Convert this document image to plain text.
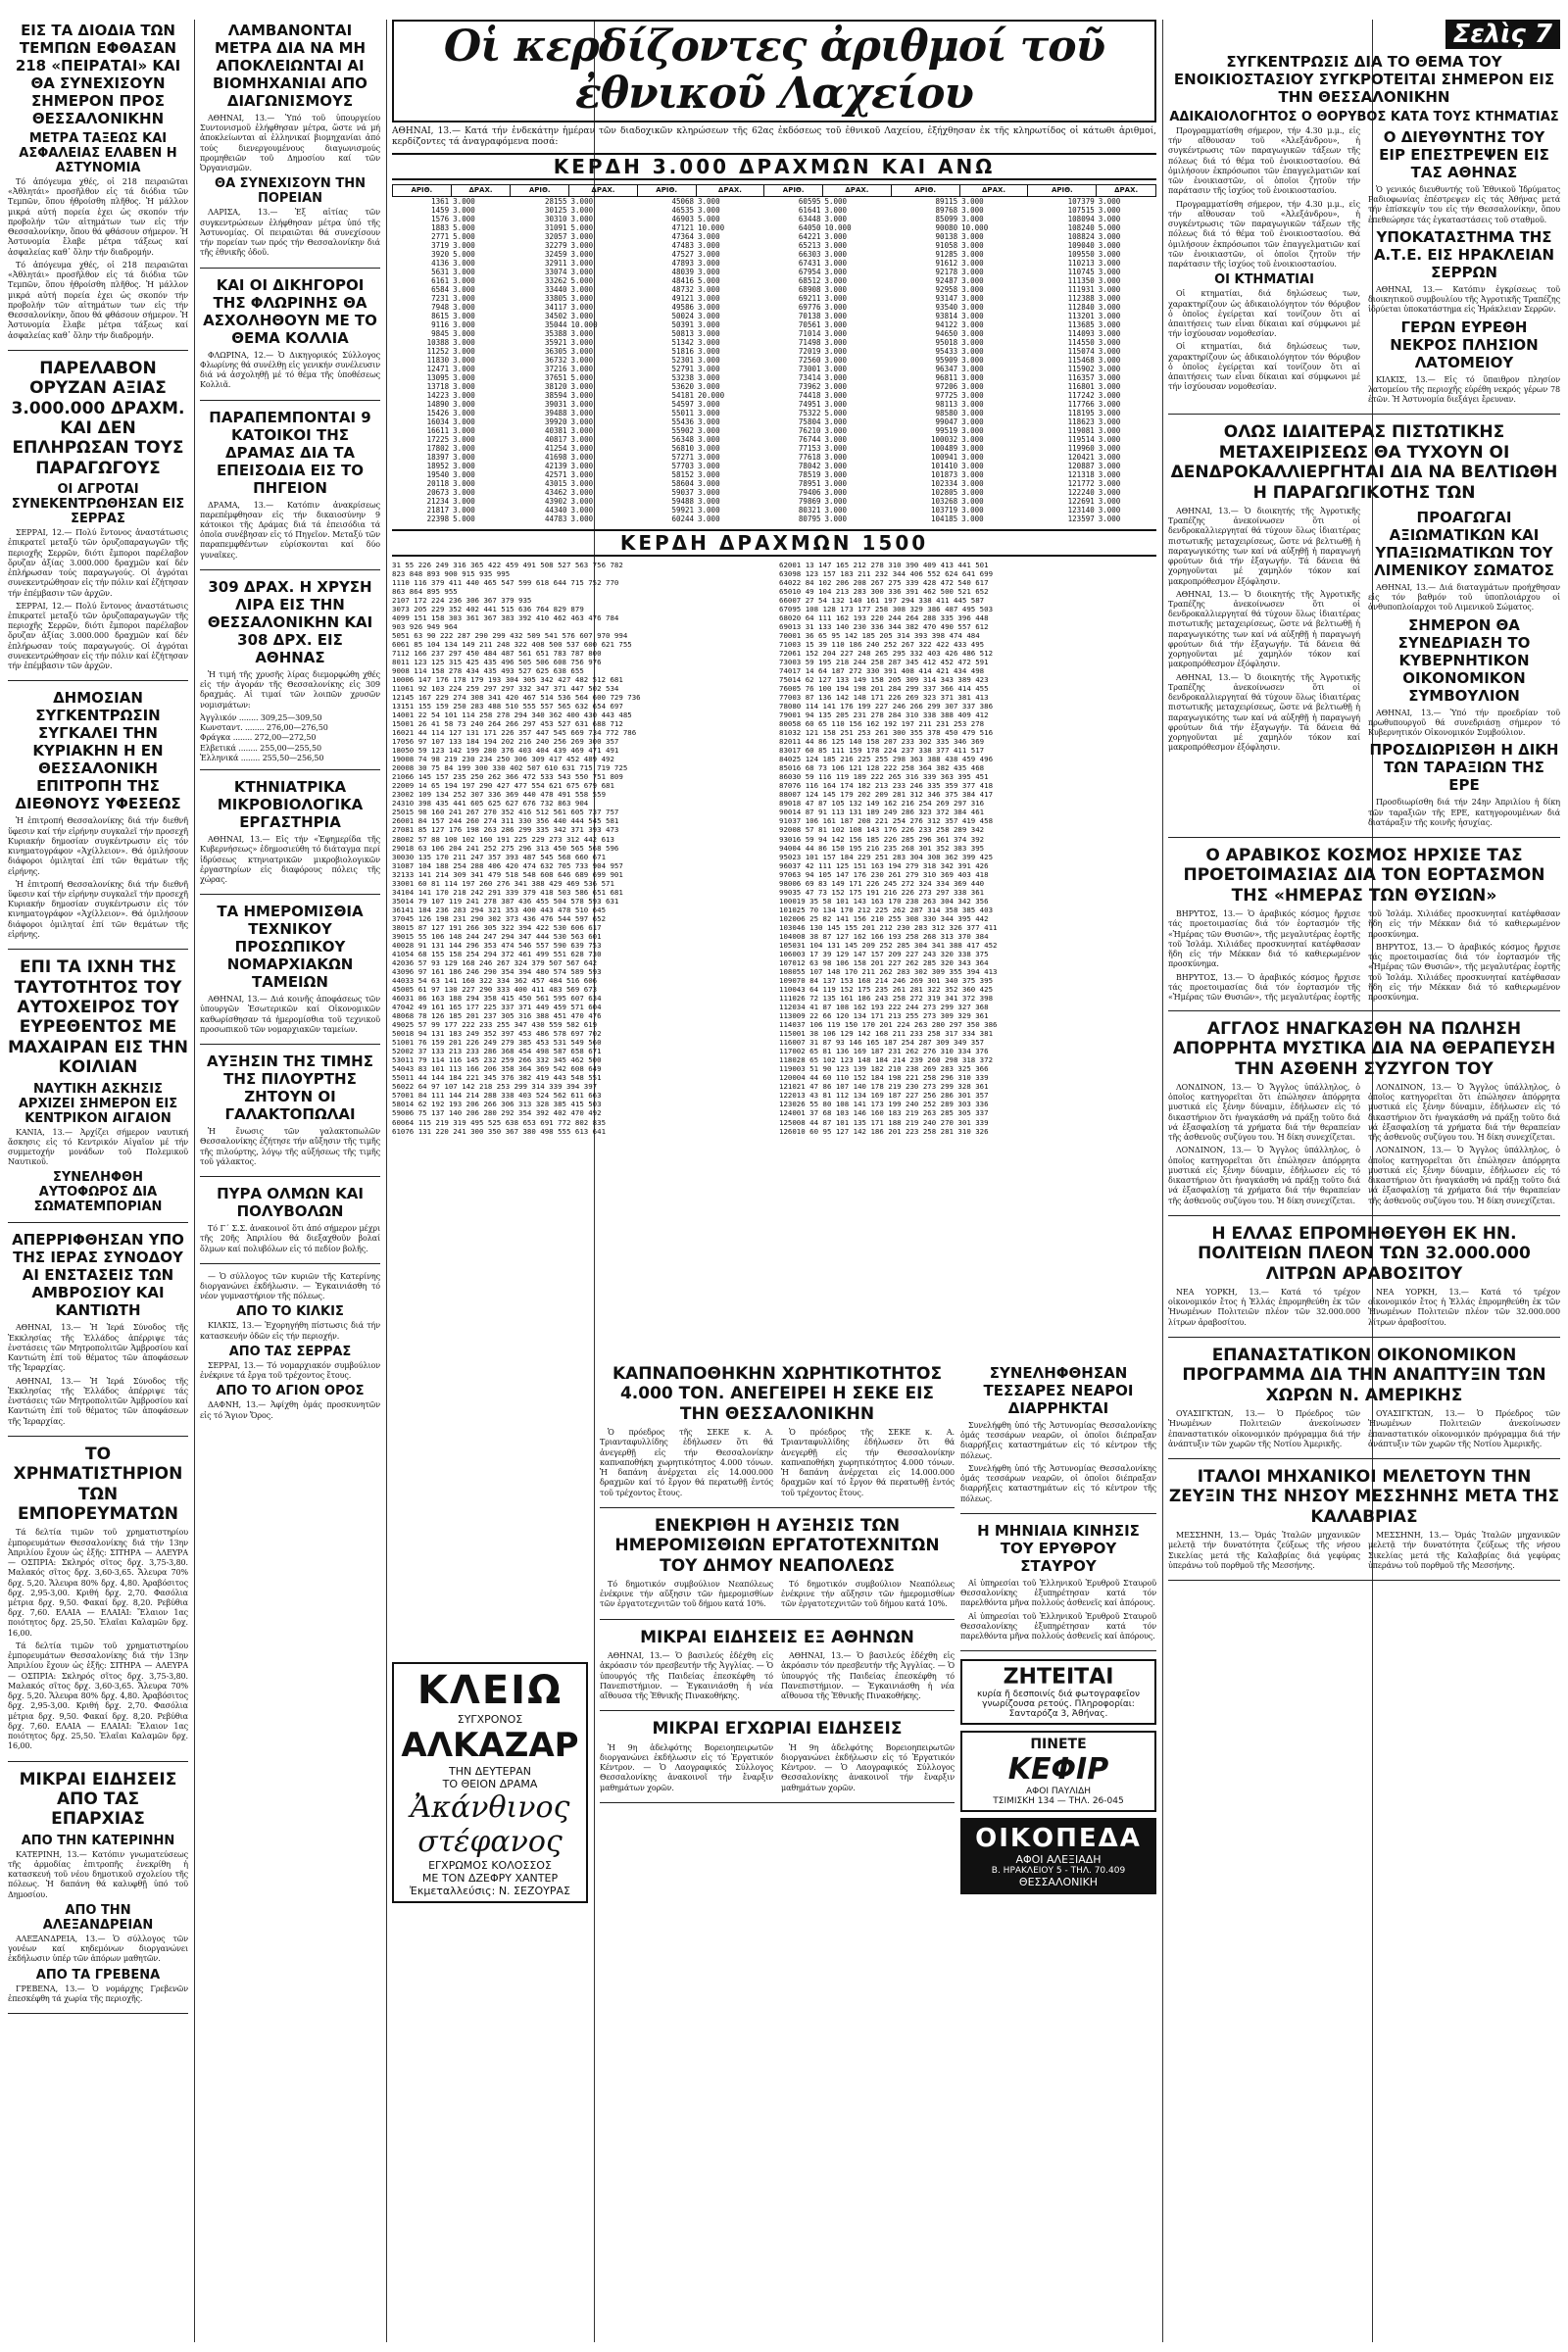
ΕΙΣ ΤΑ ΔΙΟΔΙΑ ΤΩΝ ΤΕΜΠΩΝ ΕΦΘΑΣΑΝ 218 «ΠΕΙΡΑΤΑΙ» ΚΑΙ ΘΑ ΣΥΝΕΧΙΣΟΥΝ ΣΗΜΕΡΟΝ ΠΡΟΣ ΘΕΣΣΑΛΟΝΙΚΗΝ
ΜΕΤΡΑ ΤΑΞΕΩΣ ΚΑΙ ΑΣΦΑΛΕΙΑΣ ΕΛΑΒΕΝ Η ΑΣΤΥΝΟΜΙΑ

Τό ἀπόγευμα χθές, οἱ 218 πειραιῶται «Ἀθλητάι» προσῆλθον εἰς τά διόδια τῶν Τεμπῶν, ὅπου ἠθροίσθη πλῆθος. Ἡ μάλλον μικρά αὐτή πορεία ἐχει ὡς σκοπόν τήν προβολήν τῶν αἰτημάτων των εἰς τήν Θεσσαλονίκην, ὅπου θά φθάσουν σήμερον. Ἡ Ἀστυνομία ἔλαβε μέτρα τάξεως καί ἀσφαλείας καθ᾽ ὅλην τήν διαδρομήν.

Τό ἀπόγευμα χθές, οἱ 218 πειραιῶται «Ἀθλητάι» προσῆλθον εἰς τά διόδια τῶν Τεμπῶν, ὅπου ἠθροίσθη πλῆθος. Ἡ μάλλον μικρά αὐτή πορεία ἐχει ὡς σκοπόν τήν προβολήν τῶν αἰτημάτων των εἰς τήν Θεσσαλονίκην, ὅπου θά φθάσουν σήμερον. Ἡ Ἀστυνομία ἔλαβε μέτρα τάξεως καί ἀσφαλείας καθ᾽ ὅλην τήν διαδρομήν.

ΠΑΡΕΛΑΒΟΝ ΟΡΥΖΑΝ ΑΞΙΑΣ 3.000.000 ΔΡΑΧΜ. ΚΑΙ ΔΕΝ ΕΠΛΗΡΩΣΑΝ ΤΟΥΣ ΠΑΡΑΓΩΓΟΥΣ
ΟΙ ΑΓΡΟΤΑΙ ΣΥΝΕΚΕΝΤΡΩΘΗΣΑΝ ΕΙΣ ΣΕΡΡΑΣ

ΣΕΡΡΑΙ, 12.— Πολύ ἔντονος ἀναστάτωσις ἐπικρατεῖ μεταξύ τῶν ὀρυζοπαραγωγῶν τῆς περιοχῆς Σερρῶν, διότι ἔμποροι παρέλαβον ὄρυζαν ἀξίας 3.000.000 δραχμῶν καί δέν ἐπλήρωσαν τούς παραγωγούς. Οἱ ἀγρόται συνεκεντρώθησαν εἰς τήν πόλιν καί ἐζήτησαν τήν ἐπέμβασιν τῶν ἀρχῶν.

ΣΕΡΡΑΙ, 12.— Πολύ ἔντονος ἀναστάτωσις ἐπικρατεῖ μεταξύ τῶν ὀρυζοπαραγωγῶν τῆς περιοχῆς Σερρῶν, διότι ἔμποροι παρέλαβον ὄρυζαν ἀξίας 3.000.000 δραχμῶν καί δέν ἐπλήρωσαν τούς παραγωγούς. Οἱ ἀγρόται συνεκεντρώθησαν εἰς τήν πόλιν καί ἐζήτησαν τήν ἐπέμβασιν τῶν ἀρχῶν.

ΔΗΜΟΣΙΑΝ ΣΥΓΚΕΝΤΡΩΣΙΝ ΣΥΓΚΑΛΕΙ ΤΗΝ ΚΥΡΙΑΚΗΝ Η ΕΝ ΘΕΣΣΑΛΟΝΙΚΗ ΕΠΙΤΡΟΠΗ ΤΗΣ ΔΙΕΘΝΟΥΣ ΥΦΕΣΕΩΣ

Ἡ ἐπιτροπή Θεσσαλονίκης διά τήν διεθνῆ ὕφεσιν καί τήν εἰρήνην συγκαλεῖ τήν προσεχῆ Κυριακήν δημοσίαν συγκέντρωσιν εἰς τόν κινηματογράφον «Ἀχίλλειον». Θά ὁμιλήσουν διάφοροι ὁμιληταί ἐπί τῶν θεμάτων τῆς εἰρήνης.

Ἡ ἐπιτροπή Θεσσαλονίκης διά τήν διεθνῆ ὕφεσιν καί τήν εἰρήνην συγκαλεῖ τήν προσεχῆ Κυριακήν δημοσίαν συγκέντρωσιν εἰς τόν κινηματογράφον «Ἀχίλλειον». Θά ὁμιλήσουν διάφοροι ὁμιληταί ἐπί τῶν θεμάτων τῆς εἰρήνης.

ΕΠΙ ΤΑ ΙΧΝΗ ΤΗΣ ΤΑΥΤΟΤΗΤΟΣ ΤΟΥ ΑΥΤΟΧΕΙΡΟΣ ΤΟΥ ΕΥΡΕΘΕΝΤΟΣ ΜΕ ΜΑΧΑΙΡΑΝ ΕΙΣ ΤΗΝ ΚΟΙΛΙΑΝ
ΝΑΥΤΙΚΗ ΑΣΚΗΣΙΣ ΑΡΧΙΖΕΙ ΣΗΜΕΡΟΝ ΕΙΣ ΚΕΝΤΡΙΚΟΝ ΑΙΓΑΙΟΝ

ΚΑΝΙΑ, 13.— Ἀρχίζει σήμερον ναυτική ἄσκησις εἰς τό Κεντρικόν Αἰγαῖον μέ τήν συμμετοχήν μονάδων τοῦ Πολεμικοῦ Ναυτικοῦ.

ΣΥΝΕΛΗΦΘΗ ΑΥΤΟΦΩΡΟΣ ΔΙΑ ΣΩΜΑΤΕΜΠΟΡΙΑΝ
ΑΠΕΡΡΙΦΘΗΣΑΝ ΥΠΟ ΤΗΣ ΙΕΡΑΣ ΣΥΝΟΔΟΥ ΑΙ ΕΝΣΤΑΣΕΙΣ ΤΩΝ ΑΜΒΡΟΣΙΟΥ ΚΑΙ ΚΑΝΤΙΩΤΗ

ΑΘΗΝΑΙ, 13.— Ἡ Ἱερά Σύνοδος τῆς Ἐκκλησίας τῆς Ἑλλάδος ἀπέρριψε τάς ἐνστάσεις τῶν Μητροπολιτῶν Ἀμβροσίου καί Καντιώτη ἐπί τοῦ θέματος τῶν ἀποφάσεων τῆς Ἱεραρχίας.

ΑΘΗΝΑΙ, 13.— Ἡ Ἱερά Σύνοδος τῆς Ἐκκλησίας τῆς Ἑλλάδος ἀπέρριψε τάς ἐνστάσεις τῶν Μητροπολιτῶν Ἀμβροσίου καί Καντιώτη ἐπί τοῦ θέματος τῶν ἀποφάσεων τῆς Ἱεραρχίας.

ΤΟ ΧΡΗΜΑΤΙΣΤΗΡΙΟΝ ΤΩΝ ΕΜΠΟΡΕΥΜΑΤΩΝ

Τά δελτία τιμῶν τοῦ χρηματιστηρίου ἐμπορευμάτων Θεσσαλονίκης διά τήν 13ην Ἀπριλίου ἔχουν ὡς ἑξῆς: ΣΙΤΗΡΑ — ΑΛΕΥΡΑ — ΟΣΠΡΙΑ: Σκληρός σῖτος δρχ. 3,75-3,80. Μαλακός σῖτος δρχ. 3,60-3,65. Ἄλευρα 70% δρχ. 5,20. Ἄλευρα 80% δρχ. 4,80. Ἀραβόσιτος δρχ. 2,95-3,00. Κριθή δρχ. 2,70. Φασόλια μέτρια δρχ. 9,50. Φακαί δρχ. 8,20. Ρεβύθια δρχ. 7,60. ΕΛΑΙΑ — ΕΛΑΙΑΙ: Ἔλαιον 1ας ποιότητος δρχ. 25,50. Ἐλαῖαι Καλαμῶν δρχ. 16,00.

Τά δελτία τιμῶν τοῦ χρηματιστηρίου ἐμπορευμάτων Θεσσαλονίκης διά τήν 13ην Ἀπριλίου ἔχουν ὡς ἑξῆς: ΣΙΤΗΡΑ — ΑΛΕΥΡΑ — ΟΣΠΡΙΑ: Σκληρός σῖτος δρχ. 3,75-3,80. Μαλακός σῖτος δρχ. 3,60-3,65. Ἄλευρα 70% δρχ. 5,20. Ἄλευρα 80% δρχ. 4,80. Ἀραβόσιτος δρχ. 2,95-3,00. Κριθή δρχ. 2,70. Φασόλια μέτρια δρχ. 9,50. Φακαί δρχ. 8,20. Ρεβύθια δρχ. 7,60. ΕΛΑΙΑ — ΕΛΑΙΑΙ: Ἔλαιον 1ας ποιότητος δρχ. 25,50. Ἐλαῖαι Καλαμῶν δρχ. 16,00.

ΜΙΚΡΑΙ ΕΙΔΗΣΕΙΣ ΑΠΟ ΤΑΣ ΕΠΑΡΧΙΑΣ
ΑΠΟ ΤΗΝ ΚΑΤΕΡΙΝΗΝ

ΚΑΤΕΡΙΝΗ, 13.— Κατόπιν γνωματεύσεως τῆς ἁρμοδίας ἐπιτροπῆς ἐνεκρίθη ἡ κατασκευή τοῦ νέου δημοτικοῦ σχολείου τῆς πόλεως. Ἡ δαπάνη θά καλυφθῇ ὑπό τοῦ Δημοσίου.

ΑΠΟ ΤΗΝ ΑΛΕΞΑΝΔΡΕΙΑΝ

ΑΛΕΞΑΝΔΡΕΙΑ, 13.— Ὁ σύλλογος τῶν γονέων καί κηδεμόνων διοργανώνει ἐκδήλωσιν ὑπέρ τῶν ἀπόρων μαθητῶν.

ΑΠΟ ΤΑ ΓΡΕΒΕΝΑ

ΓΡΕΒΕΝΑ, 13.— Ὁ νομάρχης Γρεβενῶν ἐπεσκέφθη τά χωρία τῆς περιοχῆς.

ΛΑΜΒΑΝΟΝΤΑΙ ΜΕΤΡΑ ΔΙΑ ΝΑ ΜΗ ΑΠΟΚΛΕΙΩΝΤΑΙ ΑΙ ΒΙΟΜΗΧΑΝΙΑΙ ΑΠΟ ΔΙΑΓΩΝΙΣΜΟΥΣ

ΑΘΗΝΑΙ, 13.— Ὑπό τοῦ ὑπουργείου Συντονισμοῦ ἐλήφθησαν μέτρα, ὥστε νά μή ἀποκλείωνται αἱ ἑλληνικαί βιομηχανίαι ἀπό τούς διενεργουμένους διαγωνισμούς προμηθειῶν τοῦ Δημοσίου καί τῶν Ὀργανισμῶν.

ΘΑ ΣΥΝΕΧΙΣΟΥΝ ΤΗΝ ΠΟΡΕΙΑΝ

ΛΑΡΙΣΑ, 13.— Ἐξ αἰτίας τῶν συγκεντρώσεων ἐλήφθησαν μέτρα ὑπό τῆς Ἀστυνομίας. Οἱ πειραιῶται θά συνεχίσουν τήν πορείαν των πρός τήν Θεσσαλονίκην διά τῆς ἐθνικῆς ὁδοῦ.

ΚΑΙ ΟΙ ΔΙΚΗΓΟΡΟΙ ΤΗΣ ΦΛΩΡΙΝΗΣ ΘΑ ΑΣΧΟΛΗΘΟΥΝ ΜΕ ΤΟ ΘΕΜΑ ΚΟΛΛΙΑ

ΦΛΩΡΙΝΑ, 12.— Ὁ Δικηγορικός Σύλλογος Φλωρίνης θά συνέλθῃ εἰς γενικήν συνέλευσιν διά νά ἀσχοληθῇ μέ τό θέμα τῆς ὑποθέσεως Κολλιᾶ.

ΠΑΡΑΠΕΜΠΟΝΤΑΙ 9 ΚΑΤΟΙΚΟΙ ΤΗΣ ΔΡΑΜΑΣ ΔΙΑ ΤΑ ΕΠΕΙΣΟΔΙΑ ΕΙΣ ΤΟ ΠΗΓΕΙΟΝ

ΔΡΑΜΑ, 13.— Κατόπιν ἀνακρίσεως παρεπέμφθησαν εἰς τήν δικαιοσύνην 9 κάτοικοι τῆς Δράμας διά τά ἐπεισόδια τά ὁποῖα συνέβησαν εἰς τό Πηγεῖον. Μεταξύ τῶν παραπεμφθέντων εὑρίσκονται καί δύο γυναῖκες.

309 ΔΡΑΧ. Η ΧΡΥΣΗ ΛΙΡΑ ΕΙΣ ΤΗΝ ΘΕΣΣΑΛΟΝΙΚΗΝ ΚΑΙ 308 ΔΡΧ. ΕΙΣ ΑΘΗΝΑΣ

Ἡ τιμή τῆς χρυσῆς λίρας διεμορφώθη χθές εἰς τήν ἀγοράν τῆς Θεσσαλονίκης εἰς 309 δραχμάς. Αἱ τιμαί τῶν λοιπῶν χρυσῶν νομισμάτων:

Ἀγγλικόν ........ 309,25—309,50
Κωνσταντ. ........ 276,00—276,50
Φράγκα ........ 272,00—272,50
Ελβετικά ........ 255,00—255,50
Ἑλληνικά ........ 255,50—256,50
ΚΤΗΝΙΑΤΡΙΚΑ ΜΙΚΡΟΒΙΟΛΟΓΙΚΑ ΕΡΓΑΣΤΗΡΙΑ

ΑΘΗΝΑΙ, 13.— Εἰς τήν «Ἐφημερίδα τῆς Κυβερνήσεως» ἐδημοσιεύθη τό διάταγμα περί ἱδρύσεως κτηνιατρικῶν μικροβιολογικῶν ἐργαστηρίων εἰς διαφόρους πόλεις τῆς χώρας.

ΤΑ ΗΜΕΡΟΜΙΣΘΙΑ ΤΕΧΝΙΚΟΥ ΠΡΟΣΩΠΙΚΟΥ ΝΟΜΑΡΧΙΑΚΩΝ ΤΑΜΕΙΩΝ

ΑΘΗΝΑΙ, 13.— Διά κοινῆς ἀποφάσεως τῶν ὑπουργῶν Ἐσωτερικῶν καί Οἰκονομικῶν καθωρίσθησαν τά ἡμερομίσθια τοῦ τεχνικοῦ προσωπικοῦ τῶν νομαρχιακῶν ταμείων.

ΑΥΞΗΣΙΝ ΤΗΣ ΤΙΜΗΣ ΤΗΣ ΠΙΛΟΥΡΤΗΣ ΖΗΤΟΥΝ ΟΙ ΓΑΛΑΚΤΟΠΩΛΑΙ

Ἡ ἕνωσις τῶν γαλακτοπωλῶν Θεσσαλονίκης ἐζήτησε τήν αὔξησιν τῆς τιμῆς τῆς πιλούρτης, λόγῳ τῆς αὐξήσεως τῆς τιμῆς τοῦ γάλακτος.

ΠΥΡΑ ΟΛΜΩΝ ΚΑΙ ΠΟΛΥΒΟΛΩΝ

Τό Γ΄ Σ.Σ. ἀνακοινοῖ ὅτι ἀπό σήμερον μέχρι τῆς 20ῆς Ἀπριλίου θά διεξαχθοῦν βολαί ὄλμων καί πολυβόλων εἰς τό πεδίον βολῆς.

— Ὁ σύλλογος τῶν κυριῶν τῆς Κατερίνης διοργανώνει ἐκδήλωσιν. — Ἐγκαινιάσθη τό νέον γυμναστήριον τῆς πόλεως.

ΑΠΟ ΤΟ ΚΙΛΚΙΣ

ΚΙΛΚΙΣ, 13.— Ἐχορηγήθη πίστωσις διά τήν κατασκευήν ὁδῶν εἰς τήν περιοχήν.

ΑΠΟ ΤΑΣ ΣΕΡΡΑΣ

ΣΕΡΡΑΙ, 13.— Τό νομαρχιακόν συμβούλιον ἐνέκρινε τά ἔργα τοῦ τρέχοντος ἔτους.

ΑΠΟ ΤΟ ΑΓΙΟΝ ΟΡΟΣ

ΔΑΦΝΗ, 13.— Ἀφίχθη ὁμάς προσκυνητῶν εἰς τό Ἅγιον Ὄρος.

ΚΛΕΙΩ
ΣΥΓΧΡΟΝΟΣ
ΑΛΚΑΖΑΡ
ΤΗΝ ΔΕΥΤΕΡΑΝ
ΤΟ ΘΕΙΟΝ ΔΡΑΜΑ
Ἀκάνθινος στέφανος
ΕΓΧΡΩΜΟΣ ΚΟΛΟΣΣΟΣ
ΜΕ ΤΟΝ ΔΖΕΦΡΥ ΧΑΝΤΕΡ
Ἐκμεταλλεύσις: Ν. ΣΕΖΟΥΡΑΣ
Οἱ κερδίζοντες ἀριθμοί τοῦ ἐθνικοῦ Λαχείου
ΑΘΗΝΑΙ, 13.— Κατά τήν ἐνδεκάτην ἡμέραν τῶν διαδοχικῶν κληρώσεων τῆς 62ας ἐκδόσεως τοῦ ἐθνικοῦ Λαχείου, ἐξήχθησαν ἐκ τῆς κληρωτίδος οἱ κάτωθι ἀριθμοί, κερδίζοντες τά ἀναγραφόμενα ποσά:
ΚΕΡΔΗ 3.000 ΔΡΑΧΜΩΝ ΚΑΙ ΑΝΩ
ΑΡΙΘ.	ΔΡΑΧ.	ΑΡΙΘ.	ΔΡΑΧ.	ΑΡΙΘ.	ΔΡΑΧ.	ΑΡΙΘ.	ΔΡΑΧ.	ΑΡΙΘ.	ΔΡΑΧ.	ΑΡΙΘ.	ΔΡΑΧ.
1361	3.000	28155	3.000	45068	3.000	60595	5.000	89115	3.000	107379	3.000
1459	3.000	30125	3.000	46535	3.000	61641	3.000	89768	3.000	107515	3.000
1576	3.000	30310	3.000	46903	5.000	63448	3.000	85099	3.000	108094	3.000
1883	5.000	31091	5.000	47121	10.000	64050	10.000	90080	10.000	108240	5.000
2771	5.000	32057	3.000	47364	3.000	64221	3.000	90138	3.000	108824	3.000
3719	3.000	32279	3.000	47483	3.000	65213	3.000	91058	3.000	109040	3.000
3920	5.000	32459	3.000	47527	3.000	66303	3.000	91285	3.000	109550	3.000
4136	3.000	32911	3.000	47893	3.000	67431	3.000	91612	3.000	110213	3.000
5631	3.000	33074	3.000	48039	3.000	67954	3.000	92178	3.000	110745	3.000
6161	3.000	33262	5.000	48416	5.000	68512	3.000	92487	3.000	111350	3.000
6584	3.000	33440	3.000	48732	3.000	68908	3.000	92958	3.000	111931	3.000
7231	3.000	33805	3.000	49121	3.000	69211	3.000	93147	3.000	112388	3.000
7948	3.000	34117	3.000	49586	3.000	69776	3.000	93540	3.000	112840	3.000
8615	3.000	34502	3.000	50024	3.000	70138	3.000	93814	3.000	113201	3.000
9116	3.000	35044	10.000	50391	3.000	70561	3.000	94122	3.000	113685	3.000
9845	3.000	35388	3.000	50813	3.000	71014	3.000	94650	3.000	114093	3.000
10388	3.000	35921	3.000	51342	3.000	71498	3.000	95018	3.000	114550	3.000
11252	3.000	36305	3.000	51816	3.000	72019	3.000	95433	3.000	115074	3.000
11830	3.000	36732	3.000	52301	3.000	72560	3.000	95909	3.000	115468	3.000
12471	3.000	37216	3.000	52791	3.000	73001	3.000	96347	3.000	115902	3.000
13095	3.000	37651	5.000	53238	3.000	73414	3.000	96811	3.000	116357	3.000
13718	3.000	38120	3.000	53620	3.000	73962	3.000	97206	3.000	116801	3.000
14223	3.000	38594	3.000	54181	20.000	74418	3.000	97725	3.000	117242	3.000
14890	3.000	39031	3.000	54597	3.000	74951	3.000	98113	3.000	117766	3.000
15426	3.000	39488	3.000	55011	3.000	75322	5.000	98580	3.000	118195	3.000
16034	3.000	39920	3.000	55436	3.000	75804	3.000	99047	3.000	118623	3.000
16611	3.000	40381	3.000	55902	3.000	76210	3.000	99519	3.000	119081	3.000
17225	3.000	40817	3.000	56348	3.000	76744	3.000	100032	3.000	119514	3.000
17802	3.000	41254	3.000	56810	3.000	77153	3.000	100489	3.000	119960	3.000
18397	3.000	41698	3.000	57271	3.000	77618	3.000	100941	3.000	120421	3.000
18952	3.000	42139	3.000	57703	3.000	78042	3.000	101410	3.000	120887	3.000
19540	3.000	42571	3.000	58152	3.000	78519	3.000	101873	3.000	121318	3.000
20118	3.000	43015	3.000	58604	3.000	78951	3.000	102334	3.000	121772	3.000
20673	3.000	43462	3.000	59037	3.000	79406	3.000	102805	3.000	122240	3.000
21234	3.000	43902	3.000	59488	3.000	79869	3.000	103268	3.000	122691	3.000
21817	3.000	44340	3.000	59921	3.000	80321	3.000	103719	3.000	123140	3.000
22398	5.000	44783	3.000	60244	3.000	80795	3.000	104185	3.000	123597	3.000
ΚΕΡΔΗ ΔΡΑΧΜΩΝ 1500
31 55 226 249 316 365 422 459 491 508 527 563 756 782
823 848 893 900 915 935 995
1110 116 379 411 440 465 547 599 618 644 715 752 770
863 864 895 955
2107 172 224 236 306 367 379 935
3073 205 229 352 402 441 515 636 764 829 879
4099 151 158 303 361 367 383 392 410 462 463 476 784
903 926 949 964
5051 63 90 222 287 290 299 432 509 541 576 607 970 994
6061 85 104 134 149 211 248 322 408 500 537 600 621 755
7112 166 237 297 450 484 487 561 651 783 787 800
8011 123 125 315 425 435 496 505 506 608 756 976
9008 114 158 278 434 435 493 527 625 638 655
10006 147 176 178 179 193 304 305 342 427 482 512 681
11061 92 103 224 259 297 297 332 347 371 447 502 534
12145 167 229 274 308 341 420 467 514 536 564 600 729 736
13151 155 159 250 283 488 510 555 557 565 632 654 697
14001 22 54 101 114 258 278 294 340 362 400 430 443 485
15001 26 41 58 73 240 264 266 297 453 527 631 688 712
16021 44 114 127 131 171 226 357 447 545 669 734 772 786
17056 97 107 133 184 194 202 216 240 256 269 300 357
18050 59 123 142 199 280 376 403 404 439 469 471 491
19008 74 98 219 230 234 250 306 309 417 452 489 492
20008 30 75 84 199 300 330 402 507 610 631 715 719 725
21066 145 157 235 250 262 366 472 533 543 550 751 809
22009 14 65 194 197 290 427 477 554 621 675 679 681
23002 109 134 252 307 336 369 440 478 491 558 559
24310 398 435 441 605 625 627 676 732 863 904
25015 98 160 241 267 270 352 416 512 561 605 737 757
26001 84 157 244 260 274 311 330 356 440 444 545 581
27081 85 127 176 198 263 286 299 335 342 371 393 473
28002 57 88 100 102 160 191 225 229 273 312 442 613
29018 63 106 204 241 252 275 296 313 450 565 568 596
30030 135 170 211 247 357 393 487 545 568 660 671
31087 104 188 254 288 406 420 474 632 705 733 904 957
32133 141 214 309 341 479 518 548 608 646 689 699 901
33001 60 81 114 197 260 276 341 388 429 469 536 571
34104 141 170 218 242 291 339 379 418 503 586 651 681
35014 79 107 119 241 278 387 436 455 504 578 593 631
36141 184 236 283 294 321 353 400 443 478 510 645
37045 126 198 231 290 302 373 436 476 544 597 652
38015 87 127 191 266 305 322 394 422 530 606 617
39015 55 106 148 244 247 294 347 444 530 563 601
40028 91 131 144 296 353 474 546 557 590 639 753
41054 68 155 158 254 294 372 461 499 551 628 730
42036 57 93 129 168 246 267 324 379 507 567 642
43096 97 161 186 246 290 354 394 480 574 589 593
44033 54 63 141 160 322 334 362 457 484 516 606
45005 61 97 130 227 290 333 400 411 483 569 673
46031 86 163 188 294 358 415 450 561 595 607 634
47042 49 161 165 177 225 337 371 449 459 571 604
48068 78 126 185 201 237 305 316 388 451 470 476
49025 57 99 177 222 233 255 347 430 559 582 619
50018 94 131 183 249 352 397 453 486 578 697 702
51001 76 159 201 226 249 279 385 453 531 549 560
52002 37 133 213 233 286 368 454 498 587 658 671
53011 79 114 116 145 232 259 266 332 345 462 500
54043 83 101 113 166 206 358 364 369 542 608 649
55011 44 144 184 221 345 376 382 419 443 548 551
56022 64 97 107 142 218 253 299 314 339 394 397
57001 84 111 144 214 288 338 403 524 562 611 663
58014 62 192 193 206 266 306 313 328 385 415 503
59006 75 137 140 206 280 292 354 392 402 470 492
60064 115 219 319 495 525 638 653 691 772 802 835
61076 131 220 241 300 350 367 380 498 555 613 641
62001 13 147 165 212 278 310 390 409 413 441 501
63098 123 157 183 211 232 344 406 552 624 641 699
64022 84 102 206 208 267 275 339 428 472 540 617
65010 49 104 213 283 300 336 391 462 500 521 652
66007 27 54 132 140 161 197 294 338 411 445 587
67095 108 128 173 177 258 308 329 386 487 495 503
68020 64 111 162 193 220 244 264 288 335 396 448
69013 31 133 140 230 336 344 382 470 490 557 612
70001 36 65 95 142 185 205 314 393 398 474 484
71003 15 39 110 186 240 252 267 322 422 433 495
72061 152 204 227 248 265 295 332 403 426 486 512
73003 59 195 218 244 258 287 345 412 452 472 591
74017 14 64 187 272 330 391 408 414 421 434 498
75014 62 127 133 149 158 205 309 314 343 389 423
76005 76 100 194 198 201 284 299 337 366 414 455
77003 87 136 142 148 171 226 269 323 371 381 413
78080 114 141 176 199 227 246 266 299 307 337 386
79001 94 135 205 231 278 284 310 338 388 409 412
80058 60 65 110 156 162 192 197 211 231 253 278
81032 121 158 251 253 261 300 355 378 450 479 516
82011 44 86 125 140 158 207 233 302 335 346 369
83017 60 85 111 159 178 224 237 338 377 411 517
84025 124 185 216 225 255 298 363 388 438 459 496
85016 68 73 106 121 128 222 258 364 382 435 468
86030 59 116 119 189 222 265 316 339 363 395 451
87076 116 164 174 182 213 233 246 335 359 377 418
88007 124 145 179 202 209 281 312 346 375 384 417
89018 47 87 105 132 149 162 216 254 269 297 316
90014 87 91 113 131 189 249 286 323 372 384 461
91037 106 161 187 208 221 254 276 312 357 419 458
92008 57 81 102 108 143 176 226 233 258 289 342
93016 59 94 142 156 185 226 285 296 361 374 392
94004 44 86 150 195 216 235 268 301 352 383 395
95023 101 157 184 229 251 283 304 308 362 399 425
96037 42 111 125 151 163 194 279 318 342 391 426
97063 94 105 147 176 230 261 279 310 369 403 418
98006 69 83 149 171 226 245 272 324 334 369 440
99035 47 73 152 175 191 216 226 273 297 338 361
100019 35 58 101 143 163 170 238 263 304 342 356
101025 70 134 170 212 225 262 287 314 358 385 403
102006 25 82 141 156 210 255 308 330 344 395 442
103046 130 145 155 201 212 230 283 312 326 377 411
104008 38 87 127 162 166 193 258 268 313 370 384
105031 104 131 145 209 252 285 304 341 388 417 452
106003 17 39 129 147 157 209 227 243 320 338 375
107012 63 98 106 158 201 227 262 285 320 343 364
108055 107 148 170 211 262 283 302 309 355 394 413
109070 84 137 153 168 214 246 269 301 340 375 395
110043 64 119 152 175 235 261 281 322 352 360 425
111026 72 135 161 186 243 258 272 319 341 372 398
112034 41 87 108 162 193 222 244 273 299 327 368
113009 22 66 120 134 171 213 255 273 309 329 361
114037 106 119 150 170 201 224 263 280 297 350 386
115001 38 106 129 142 168 211 233 258 317 334 381
116007 31 87 93 146 165 187 254 287 309 349 357
117002 65 81 136 169 187 231 262 276 310 334 376
118028 65 102 123 148 184 214 239 260 298 318 372
119003 51 90 123 139 182 210 238 269 283 325 366
120004 44 60 110 152 184 198 221 258 296 310 339
121021 47 86 107 140 178 219 230 273 299 328 361
122013 43 81 112 134 169 187 227 256 286 301 357
123026 55 80 108 141 173 199 240 252 289 303 336
124001 37 68 103 146 160 183 219 263 285 305 337
125008 44 87 101 135 171 188 219 240 270 301 339
126010 60 95 127 142 186 201 223 258 281 310 326
ΚΑΠΝΑΠΟΘΗΚΗΝ ΧΩΡΗΤΙΚΟΤΗΤΟΣ 4.000 ΤΟΝ. ΑΝΕΓΕΙΡΕΙ Η ΣΕΚΕ ΕΙΣ ΤΗΝ ΘΕΣΣΑΛΟΝΙΚΗΝ

Ὁ πρόεδρος τῆς ΣΕΚΕ κ. Α. Τριανταφυλλίδης ἐδήλωσεν ὅτι θά ἀνεγερθῇ εἰς τήν Θεσσαλονίκην καπναποθήκη χωρητικότητος 4.000 τόνων. Ἡ δαπάνη ἀνέρχεται εἰς 14.000.000 δραχμῶν καί τό ἔργον θά περατωθῇ ἐντός τοῦ τρέχοντος ἔτους.

Ὁ πρόεδρος τῆς ΣΕΚΕ κ. Α. Τριανταφυλλίδης ἐδήλωσεν ὅτι θά ἀνεγερθῇ εἰς τήν Θεσσαλονίκην καπναποθήκη χωρητικότητος 4.000 τόνων. Ἡ δαπάνη ἀνέρχεται εἰς 14.000.000 δραχμῶν καί τό ἔργον θά περατωθῇ ἐντός τοῦ τρέχοντος ἔτους.

ΕΝΕΚΡΙΘΗ Η ΑΥΞΗΣΙΣ ΤΩΝ ΗΜΕΡΟΜΙΣΘΙΩΝ ΕΡΓΑΤΟΤΕΧΝΙΤΩΝ ΤΟΥ ΔΗΜΟΥ ΝΕΑΠΟΛΕΩΣ

Τό δημοτικόν συμβούλιον Νεαπόλεως ἐνέκρινε τήν αὔξησιν τῶν ἡμερομισθίων τῶν ἐργατοτεχνιτῶν τοῦ δήμου κατά 10%.

Τό δημοτικόν συμβούλιον Νεαπόλεως ἐνέκρινε τήν αὔξησιν τῶν ἡμερομισθίων τῶν ἐργατοτεχνιτῶν τοῦ δήμου κατά 10%.

ΜΙΚΡΑΙ ΕΙΔΗΣΕΙΣ ΕΞ ΑΘΗΝΩΝ

ΑΘΗΝΑΙ, 13.— Ὁ βασιλεύς ἐδέχθη εἰς ἀκρόασιν τόν πρεσβευτήν τῆς Ἀγγλίας. — Ὁ ὑπουργός τῆς Παιδείας ἐπεσκέφθη τό Πανεπιστήμιον. — Ἐγκαινιάσθη ἡ νέα αἴθουσα τῆς Ἐθνικῆς Πινακοθήκης.

ΑΘΗΝΑΙ, 13.— Ὁ βασιλεύς ἐδέχθη εἰς ἀκρόασιν τόν πρεσβευτήν τῆς Ἀγγλίας. — Ὁ ὑπουργός τῆς Παιδείας ἐπεσκέφθη τό Πανεπιστήμιον. — Ἐγκαινιάσθη ἡ νέα αἴθουσα τῆς Ἐθνικῆς Πινακοθήκης.

ΜΙΚΡΑΙ ΕΓΧΩΡΙΑΙ ΕΙΔΗΣΕΙΣ

Ἡ 9η ἀδελφότης Βορειοηπειρωτῶν διοργανώνει ἐκδήλωσιν εἰς τό Ἐργατικόν Κέντρον. — Ὁ Λαογραφικός Σύλλογος Θεσσαλονίκης ἀνακοινοῖ τήν ἔναρξιν μαθημάτων χορῶν.

Ἡ 9η ἀδελφότης Βορειοηπειρωτῶν διοργανώνει ἐκδήλωσιν εἰς τό Ἐργατικόν Κέντρον. — Ὁ Λαογραφικός Σύλλογος Θεσσαλονίκης ἀνακοινοῖ τήν ἔναρξιν μαθημάτων χορῶν.

ΣΥΝΕΛΗΦΘΗΣΑΝ ΤΕΣΣΑΡΕΣ ΝΕΑΡΟΙ ΔΙΑΡΡΗΚΤΑΙ

Συνελήφθη ὑπό τῆς Ἀστυνομίας Θεσσαλονίκης ὁμάς τεσσάρων νεαρῶν, οἱ ὁποῖοι διέπραξαν διαρρήξεις καταστημάτων εἰς τό κέντρον τῆς πόλεως.

Συνελήφθη ὑπό τῆς Ἀστυνομίας Θεσσαλονίκης ὁμάς τεσσάρων νεαρῶν, οἱ ὁποῖοι διέπραξαν διαρρήξεις καταστημάτων εἰς τό κέντρον τῆς πόλεως.

Η ΜΗΝΙΑΙΑ ΚΙΝΗΣΙΣ ΤΟΥ ΕΡΥΘΡΟΥ ΣΤΑΥΡΟΥ

Αἱ ὑπηρεσίαι τοῦ Ἑλληνικοῦ Ἐρυθροῦ Σταυροῦ Θεσσαλονίκης ἐξυπηρέτησαν κατά τόν παρελθόντα μῆνα πολλούς ἀσθενεῖς καί ἀπόρους.

Αἱ ὑπηρεσίαι τοῦ Ἑλληνικοῦ Ἐρυθροῦ Σταυροῦ Θεσσαλονίκης ἐξυπηρέτησαν κατά τόν παρελθόντα μῆνα πολλούς ἀσθενεῖς καί ἀπόρους.

ΖΗΤΕΙΤΑΙ
κυρία ἤ δεσποινίς διά φωτογραφεῖον γνωρίζουσα ρετούς. Πληροφορίαι: Σανταρόζα 3, Ἀθήνας.
ΠΙΝΕΤΕ
ΚΕΦΙΡ
ΑΦΟΙ ΠΑΥΛΙΔΗ
ΤΣΙΜΙΣΚΗ 134 — ΤΗΛ. 26-045
ΟΙΚΟΠΕΔΑ
ΑΦΟΙ ΑΛΕΞΙΑΔΗ
Β. ΗΡΑΚΛΕΙΟΥ 5 - ΤΗΛ. 70.409
ΘΕΣΣΑΛΟΝΙΚΗ
Σελὶς 7
ΣΥΓΚΕΝΤΡΩΣΙΣ ΔΙΑ ΤΟ ΘΕΜΑ ΤΟΥ ΕΝΟΙΚΙΟΣΤΑΣΙΟΥ ΣΥΓΚΡΟΤΕΙΤΑΙ ΣΗΜΕΡΟΝ ΕΙΣ ΤΗΝ ΘΕΣΣΑΛΟΝΙΚΗΝ
ΑΔΙΚΑΙΟΛΟΓΗΤΟΣ Ο ΘΟΡΥΒΟΣ ΚΑΤΑ ΤΟΥΣ ΚΤΗΜΑΤΙΑΣ

Προγραμματίσθη σήμερον, τήν 4.30 μ.μ., εἰς τήν αἴθουσαν τοῦ «Ἀλεξάνδρου», ἡ συγκέντρωσις τῶν παραγωγικῶν τάξεων τῆς πόλεως διά τό θέμα τοῦ ἐνοικιοστασίου. Θά ὁμιλήσουν ἐκπρόσωποι τῶν ἐπαγγελματιῶν καί τῶν ἐνοικιαστῶν, οἱ ὁποῖοι ζητοῦν τήν παράτασιν τῆς ἰσχύος τοῦ ἐνοικιοστασίου.

Προγραμματίσθη σήμερον, τήν 4.30 μ.μ., εἰς τήν αἴθουσαν τοῦ «Ἀλεξάνδρου», ἡ συγκέντρωσις τῶν παραγωγικῶν τάξεων τῆς πόλεως διά τό θέμα τοῦ ἐνοικιοστασίου. Θά ὁμιλήσουν ἐκπρόσωποι τῶν ἐπαγγελματιῶν καί τῶν ἐνοικιαστῶν, οἱ ὁποῖοι ζητοῦν τήν παράτασιν τῆς ἰσχύος τοῦ ἐνοικιοστασίου.

ΟΙ ΚΤΗΜΑΤΙΑΙ

Οἱ κτηματίαι, διά δηλώσεως των, χαρακτηρίζουν ὡς ἀδικαιολόγητον τόν θόρυβον ὁ ὁποῖος ἐγείρεται καί τονίζουν ὅτι αἱ ἀπαιτήσεις των εἶναι δίκαιαι καί σύμφωνοι μέ τήν ἰσχύουσαν νομοθεσίαν.

Οἱ κτηματίαι, διά δηλώσεως των, χαρακτηρίζουν ὡς ἀδικαιολόγητον τόν θόρυβον ὁ ὁποῖος ἐγείρεται καί τονίζουν ὅτι αἱ ἀπαιτήσεις των εἶναι δίκαιαι καί σύμφωνοι μέ τήν ἰσχύουσαν νομοθεσίαν.

Ο ΔΙΕΥΘΥΝΤΗΣ ΤΟΥ ΕΙΡ ΕΠΕΣΤΡΕΨΕΝ ΕΙΣ ΤΑΣ ΑΘΗΝΑΣ

Ὁ γενικός διευθυντής τοῦ Ἐθνικοῦ Ἱδρύματος Ραδιοφωνίας ἐπέστρεψεν εἰς τάς Ἀθήνας μετά τήν ἐπίσκεψίν του εἰς τήν Θεσσαλονίκην, ὅπου ἐπεθεώρησε τάς ἐγκαταστάσεις τοῦ σταθμοῦ.

ΥΠΟΚΑΤΑΣΤΗΜΑ ΤΗΣ Α.Τ.Ε. ΕΙΣ ΗΡΑΚΛΕΙΑΝ ΣΕΡΡΩΝ

ΑΘΗΝΑΙ, 13.— Κατόπιν ἐγκρίσεως τοῦ διοικητικοῦ συμβουλίου τῆς Ἀγροτικῆς Τραπέζης ἱδρύεται ὑποκατάστημα εἰς Ἡράκλειαν Σερρῶν.

ΓΕΡΩΝ ΕΥΡΕΘΗ ΝΕΚΡΟΣ ΠΛΗΣΙΟΝ ΛΑΤΟΜΕΙΟΥ

ΚΙΛΚΙΣ, 13.— Εἰς τό ὕπαιθρον πλησίον λατομείου τῆς περιοχῆς εὑρέθη νεκρός γέρων 78 ἐτῶν. Ἡ Ἀστυνομία διεξάγει ἔρευναν.

ΟΛΩΣ ΙΔΙΑΙΤΕΡΑΣ ΠΙΣΤΩΤΙΚΗΣ ΜΕΤΑΧΕΙΡΙΣΕΩΣ ΘΑ ΤΥΧΟΥΝ ΟΙ ΔΕΝΔΡΟΚΑΛΛΙΕΡΓΗΤΑΙ ΔΙΑ ΝΑ ΒΕΛΤΙΩΘΗ Η ΠΑΡΑΓΩΓΙΚΟΤΗΣ ΤΩΝ

ΑΘΗΝΑΙ, 13.— Ὁ διοικητής τῆς Ἀγροτικῆς Τραπέζης ἀνεκοίνωσεν ὅτι οἱ δενδροκαλλιεργηταί θά τύχουν ὅλως ἰδιαιτέρας πιστωτικῆς μεταχειρίσεως, ὥστε νά βελτιωθῇ ἡ παραγωγικότης των καί νά αὐξηθῇ ἡ παραγωγή φρούτων διά τήν ἐξαγωγήν. Τά δάνεια θά χορηγοῦνται μέ χαμηλόν τόκον καί μακροπρόθεσμον ἐξόφλησιν.

ΑΘΗΝΑΙ, 13.— Ὁ διοικητής τῆς Ἀγροτικῆς Τραπέζης ἀνεκοίνωσεν ὅτι οἱ δενδροκαλλιεργηταί θά τύχουν ὅλως ἰδιαιτέρας πιστωτικῆς μεταχειρίσεως, ὥστε νά βελτιωθῇ ἡ παραγωγικότης των καί νά αὐξηθῇ ἡ παραγωγή φρούτων διά τήν ἐξαγωγήν. Τά δάνεια θά χορηγοῦνται μέ χαμηλόν τόκον καί μακροπρόθεσμον ἐξόφλησιν.

ΑΘΗΝΑΙ, 13.— Ὁ διοικητής τῆς Ἀγροτικῆς Τραπέζης ἀνεκοίνωσεν ὅτι οἱ δενδροκαλλιεργηταί θά τύχουν ὅλως ἰδιαιτέρας πιστωτικῆς μεταχειρίσεως, ὥστε νά βελτιωθῇ ἡ παραγωγικότης των καί νά αὐξηθῇ ἡ παραγωγή φρούτων διά τήν ἐξαγωγήν. Τά δάνεια θά χορηγοῦνται μέ χαμηλόν τόκον καί μακροπρόθεσμον ἐξόφλησιν.

ΠΡΟΑΓΩΓΑΙ ΑΞΙΩΜΑΤΙΚΩΝ ΚΑΙ ΥΠΑΞΙΩΜΑΤΙΚΩΝ ΤΟΥ ΛΙΜΕΝΙΚΟΥ ΣΩΜΑΤΟΣ

ΑΘΗΝΑΙ, 13.— Διά διαταγμάτων προήχθησαν εἰς τόν βαθμόν τοῦ ὑποπλοιάρχου οἱ ἀνθυποπλοίαρχοι τοῦ Λιμενικοῦ Σώματος.

ΣΗΜΕΡΟΝ ΘΑ ΣΥΝΕΔΡΙΑΣΗ ΤΟ ΚΥΒΕΡΝΗΤΙΚΟΝ ΟΙΚΟΝΟΜΙΚΟΝ ΣΥΜΒΟΥΛΙΟΝ

ΑΘΗΝΑΙ, 13.— Ὑπό τήν προεδρίαν τοῦ πρωθυπουργοῦ θά συνεδριάσῃ σήμερον τό Κυβερνητικόν Οἰκονομικόν Συμβούλιον.

ΠΡΟΣΔΙΩΡΙΣΘΗ Η ΔΙΚΗ ΤΩΝ ΤΑΡΑΞΙΩΝ ΤΗΣ ΕΡΕ

Προσδιωρίσθη διά τήν 24ην Ἀπριλίου ἡ δίκη τῶν ταραξιῶν τῆς ΕΡΕ, κατηγορουμένων διά διατάραξιν τῆς κοινῆς ἡσυχίας.

Ο ΑΡΑΒΙΚΟΣ ΚΟΣΜΟΣ ΗΡΧΙΣΕ ΤΑΣ ΠΡΟΕΤΟΙΜΑΣΙΑΣ ΔΙΑ ΤΟΝ ΕΟΡΤΑΣΜΟΝ ΤΗΣ «ΗΜΕΡΑΣ ΤΩΝ ΘΥΣΙΩΝ»

ΒΗΡΥΤΟΣ, 13.— Ὁ ἀραβικός κόσμος ἤρχισε τάς προετοιμασίας διά τόν ἑορτασμόν τῆς «Ἡμέρας τῶν Θυσιῶν», τῆς μεγαλυτέρας ἑορτῆς τοῦ Ἰσλάμ. Χιλιάδες προσκυνηταί κατέφθασαν ἤδη εἰς τήν Μέκκαν διά τό καθιερωμένον προσκύνημα.

ΒΗΡΥΤΟΣ, 13.— Ὁ ἀραβικός κόσμος ἤρχισε τάς προετοιμασίας διά τόν ἑορτασμόν τῆς «Ἡμέρας τῶν Θυσιῶν», τῆς μεγαλυτέρας ἑορτῆς τοῦ Ἰσλάμ. Χιλιάδες προσκυνηταί κατέφθασαν ἤδη εἰς τήν Μέκκαν διά τό καθιερωμένον προσκύνημα.

ΒΗΡΥΤΟΣ, 13.— Ὁ ἀραβικός κόσμος ἤρχισε τάς προετοιμασίας διά τόν ἑορτασμόν τῆς «Ἡμέρας τῶν Θυσιῶν», τῆς μεγαλυτέρας ἑορτῆς τοῦ Ἰσλάμ. Χιλιάδες προσκυνηταί κατέφθασαν ἤδη εἰς τήν Μέκκαν διά τό καθιερωμένον προσκύνημα.

ΑΓΓΛΟΣ ΗΝΑΓΚΑΣΘΗ ΝΑ ΠΩΛΗΣΗ ΑΠΟΡΡΗΤΑ ΜΥΣΤΙΚΑ ΔΙΑ ΝΑ ΘΕΡΑΠΕΥΣΗ ΤΗΝ ΑΣΘΕΝΗ ΣΥΖΥΓΟΝ ΤΟΥ

ΛΟΝΔΙΝΟΝ, 13.— Ὁ Ἄγγλος ὑπάλληλος, ὁ ὁποῖος κατηγορεῖται ὅτι ἐπώλησεν ἀπόρρητα μυστικά εἰς ξένην δύναμιν, ἐδήλωσεν εἰς τό δικαστήριον ὅτι ἠναγκάσθη νά πράξῃ τοῦτο διά νά ἐξασφαλίσῃ τά χρήματα διά τήν θεραπείαν τῆς ἀσθενοῦς συζύγου του. Ἡ δίκη συνεχίζεται.

ΛΟΝΔΙΝΟΝ, 13.— Ὁ Ἄγγλος ὑπάλληλος, ὁ ὁποῖος κατηγορεῖται ὅτι ἐπώλησεν ἀπόρρητα μυστικά εἰς ξένην δύναμιν, ἐδήλωσεν εἰς τό δικαστήριον ὅτι ἠναγκάσθη νά πράξῃ τοῦτο διά νά ἐξασφαλίσῃ τά χρήματα διά τήν θεραπείαν τῆς ἀσθενοῦς συζύγου του. Ἡ δίκη συνεχίζεται.

ΛΟΝΔΙΝΟΝ, 13.— Ὁ Ἄγγλος ὑπάλληλος, ὁ ὁποῖος κατηγορεῖται ὅτι ἐπώλησεν ἀπόρρητα μυστικά εἰς ξένην δύναμιν, ἐδήλωσεν εἰς τό δικαστήριον ὅτι ἠναγκάσθη νά πράξῃ τοῦτο διά νά ἐξασφαλίσῃ τά χρήματα διά τήν θεραπείαν τῆς ἀσθενοῦς συζύγου του. Ἡ δίκη συνεχίζεται.

ΛΟΝΔΙΝΟΝ, 13.— Ὁ Ἄγγλος ὑπάλληλος, ὁ ὁποῖος κατηγορεῖται ὅτι ἐπώλησεν ἀπόρρητα μυστικά εἰς ξένην δύναμιν, ἐδήλωσεν εἰς τό δικαστήριον ὅτι ἠναγκάσθη νά πράξῃ τοῦτο διά νά ἐξασφαλίσῃ τά χρήματα διά τήν θεραπείαν τῆς ἀσθενοῦς συζύγου του. Ἡ δίκη συνεχίζεται.

Η ΕΛΛΑΣ ΕΠΡΟΜΗΘΕΥΘΗ ΕΚ ΗΝ. ΠΟΛΙΤΕΙΩΝ ΠΛΕΟΝ ΤΩΝ 32.000.000 ΛΙΤΡΩΝ ΑΡΑΒΟΣΙΤΟΥ

ΝΕΑ ΥΟΡΚΗ, 13.— Κατά τό τρέχον οἰκονομικόν ἔτος ἡ Ἑλλάς ἐπρομηθεύθη ἐκ τῶν Ἡνωμένων Πολιτειῶν πλέον τῶν 32.000.000 λίτρων ἀραβοσίτου.

ΝΕΑ ΥΟΡΚΗ, 13.— Κατά τό τρέχον οἰκονομικόν ἔτος ἡ Ἑλλάς ἐπρομηθεύθη ἐκ τῶν Ἡνωμένων Πολιτειῶν πλέον τῶν 32.000.000 λίτρων ἀραβοσίτου.

ΕΠΑΝΑΣΤΑΤΙΚΟΝ ΟΙΚΟΝΟΜΙΚΟΝ ΠΡΟΓΡΑΜΜΑ ΔΙΑ ΤΗΝ ΑΝΑΠΤΥΞΙΝ ΤΩΝ ΧΩΡΩΝ Ν. ΑΜΕΡΙΚΗΣ

ΟΥΑΣΙΓΚΤΩΝ, 13.— Ὁ Πρόεδρος τῶν Ἡνωμένων Πολιτειῶν ἀνεκοίνωσεν ἐπαναστατικόν οἰκονομικόν πρόγραμμα διά τήν ἀνάπτυξιν τῶν χωρῶν τῆς Νοτίου Ἀμερικῆς.

ΟΥΑΣΙΓΚΤΩΝ, 13.— Ὁ Πρόεδρος τῶν Ἡνωμένων Πολιτειῶν ἀνεκοίνωσεν ἐπαναστατικόν οἰκονομικόν πρόγραμμα διά τήν ἀνάπτυξιν τῶν χωρῶν τῆς Νοτίου Ἀμερικῆς.

ΙΤΑΛΟΙ ΜΗΧΑΝΙΚΟΙ ΜΕΛΕΤΟΥΝ ΤΗΝ ΖΕΥΞΙΝ ΤΗΣ ΝΗΣΟΥ ΜΕΣΣΗΝΗΣ ΜΕΤΑ ΤΗΣ ΚΑΛΑΒΡΙΑΣ

ΜΕΣΣΗΝΗ, 13.— Ὁμάς Ἰταλῶν μηχανικῶν μελετᾷ τήν δυνατότητα ζεύξεως τῆς νήσου Σικελίας μετά τῆς Καλαβρίας διά γεφύρας ὑπεράνω τοῦ πορθμοῦ τῆς Μεσσήνης.

ΜΕΣΣΗΝΗ, 13.— Ὁμάς Ἰταλῶν μηχανικῶν μελετᾷ τήν δυνατότητα ζεύξεως τῆς νήσου Σικελίας μετά τῆς Καλαβρίας διά γεφύρας ὑπεράνω τοῦ πορθμοῦ τῆς Μεσσήνης.
